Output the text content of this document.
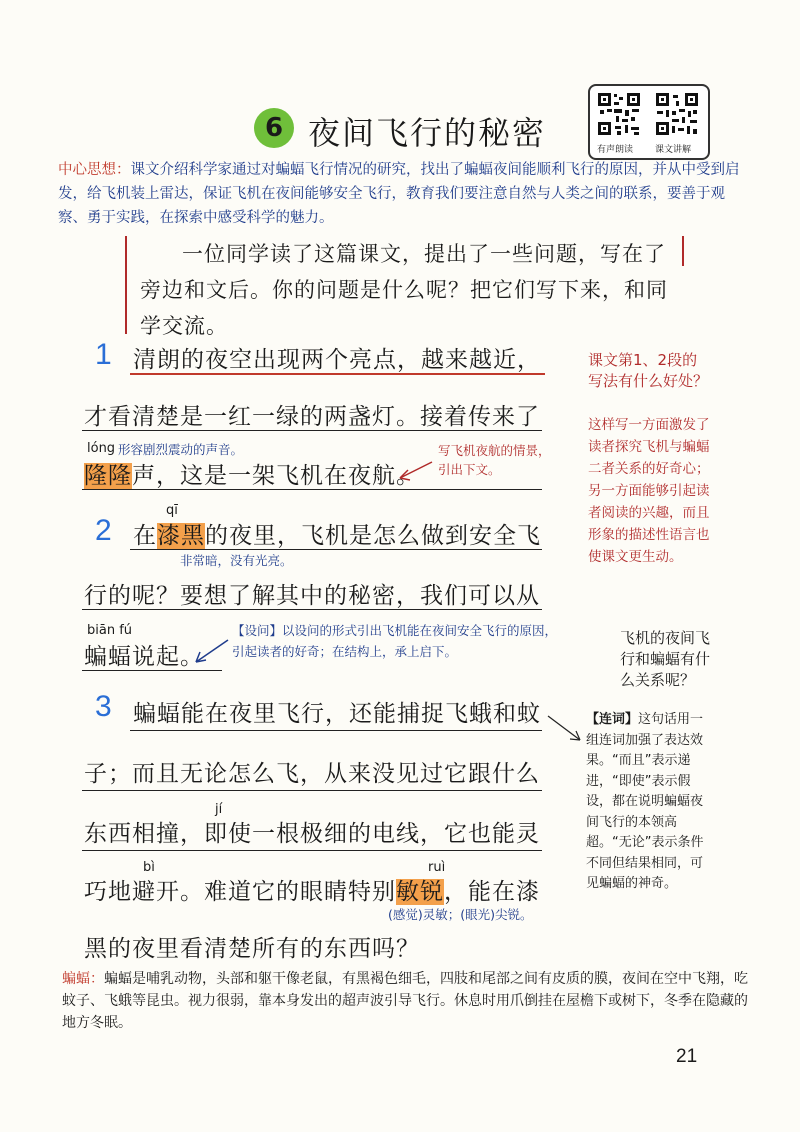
6 夜间飞行的秘密	有声朗读 课文讲解
中心思想：课文介绍科学家通过对蝙蝠飞行情况的研究，找出了蝙蝠夜间能顺利飞行的原因，并从中受到启发，给飞机装上雷达，保证飞机在夜间能够安全飞行，教育我们要注意自然与人类之间的联系，要善于观察、勇于实践，在探索中感受科学的魅力。
一位同学读了这篇课文，提出了一些问题，写在了旁边和文后。你的问题是什么呢？把它们写下来，和同学交流。
1 清朗的夜空出现两个亮点，越来越近，
才看清楚是一红一绿的两盏灯。接着传来了
lóng 形容剧烈震动的声音。
隆隆声，这是一架飞机在夜航。
写飞机夜航的情景，引出下文。
qī
2 在漆黑的夜里，飞机是怎么做到安全飞
非常暗，没有光亮。
行的呢？要想了解其中的秘密，我们可以从
biān fú
蝙蝠说起。
【设问】以设问的形式引出飞机能在夜间安全飞行的原因，引起读者的好奇；在结构上，承上启下。
3 蝙蝠能在夜里飞行，还能捕捉飞蛾和蚊
子；而且无论怎么飞，从来没见过它跟什么
jí
东西相撞，即使一根极细的电线，它也能灵
bì	ruì
巧地避开。难道它的眼睛特别敏锐，能在漆
(感觉)灵敏；(眼光)尖锐。
黑的夜里看清楚所有的东西吗？
课文第1、2段的写法有什么好处？
这样写一方面激发了读者探究飞机与蝙蝠二者关系的好奇心；另一方面能够引起读者阅读的兴趣，而且形象的描述性语言也使课文更生动。
飞机的夜间飞行和蝙蝠有什么关系呢？
【连词】这句话用一组连词加强了表达效果。“而且”表示递进，“即使”表示假设，都在说明蝙蝠夜间飞行的本领高超。“无论”表示条件不同但结果相同，可见蝙蝠的神奇。
蝙蝠：蝙蝠是哺乳动物，头部和躯干像老鼠，有黑褐色细毛，四肢和尾部之间有皮质的膜，夜间在空中飞翔，吃蚊子、飞蛾等昆虫。视力很弱，靠本身发出的超声波引导飞行。休息时用爪倒挂在屋檐下或树下，冬季在隐藏的地方冬眠。
21
